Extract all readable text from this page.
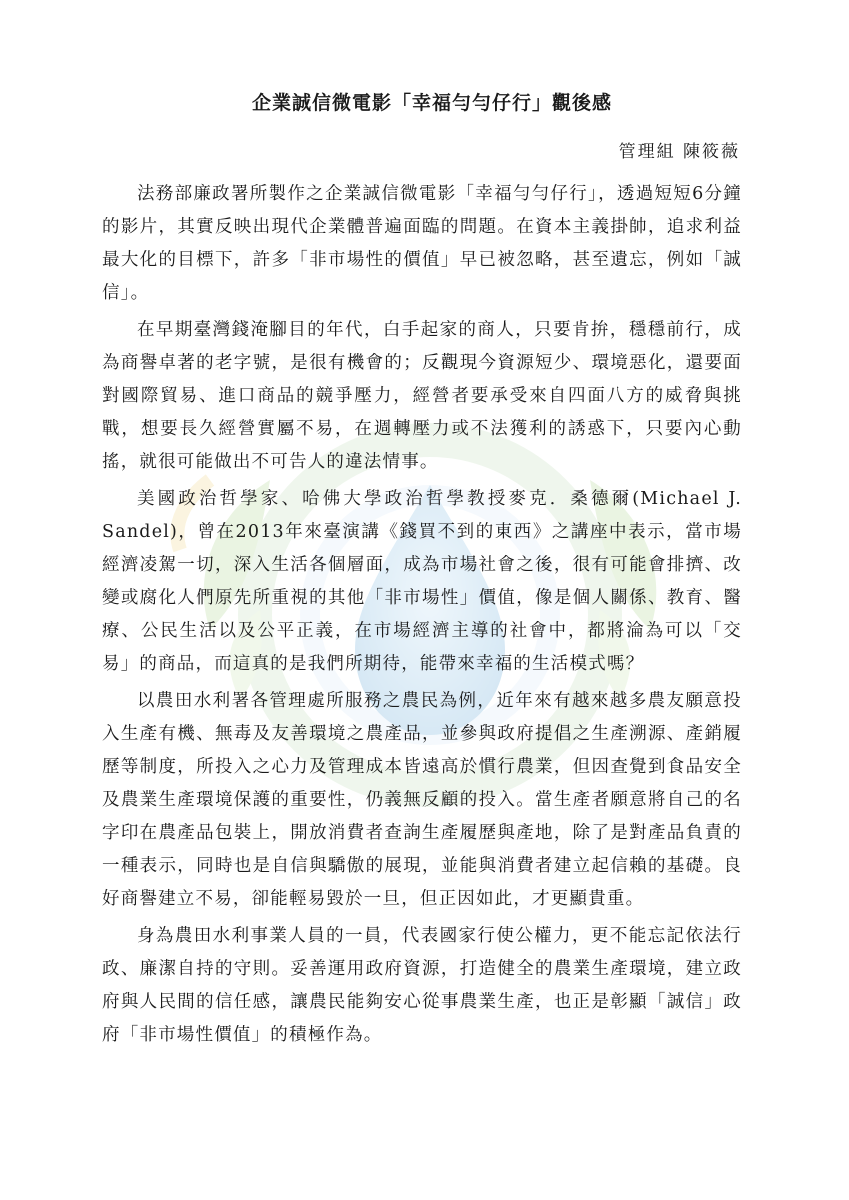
企業誠信微電影「幸福勻勻仔行」觀後感
管理組 陳筱薇

法務部廉政署所製作之企業誠信微電影「幸福勻勻仔行」，透過短短6分鐘的影片，其實反映出現代企業體普遍面臨的問題。在資本主義掛帥，追求利益最大化的目標下，許多「非市場性的價值」早已被忽略，甚至遺忘，例如「誠信」。

在早期臺灣錢淹腳目的年代，白手起家的商人，只要肯拚，穩穩前行，成為商譽卓著的老字號，是很有機會的；反觀現今資源短少、環境惡化，還要面對國際貿易、進口商品的競爭壓力，經營者要承受來自四面八方的威脅與挑戰，想要長久經營實屬不易，在週轉壓力或不法獲利的誘惑下，只要內心動搖，就很可能做出不可告人的違法情事。

美國政治哲學家、哈佛大學政治哲學教授麥克．桑德爾(Michael J. Sandel)，曾在2013年來臺演講《錢買不到的東西》之講座中表示，當市場經濟凌駕一切，深入生活各個層面，成為市場社會之後，很有可能會排擠、改變或腐化人們原先所重視的其他「非市場性」價值，像是個人關係、教育、醫療、公民生活以及公平正義，在市場經濟主導的社會中，都將淪為可以「交易」的商品，而這真的是我們所期待，能帶來幸福的生活模式嗎？

以農田水利署各管理處所服務之農民為例，近年來有越來越多農友願意投入生產有機、無毒及友善環境之農產品，並參與政府提倡之生產溯源、產銷履歷等制度，所投入之心力及管理成本皆遠高於慣行農業，但因查覺到食品安全及農業生產環境保護的重要性，仍義無反顧的投入。當生產者願意將自己的名字印在農產品包裝上，開放消費者查詢生產履歷與產地，除了是對產品負責的一種表示，同時也是自信與驕傲的展現，並能與消費者建立起信賴的基礎。良好商譽建立不易，卻能輕易毀於一旦，但正因如此，才更顯貴重。

身為農田水利事業人員的一員，代表國家行使公權力，更不能忘記依法行政、廉潔自持的守則。妥善運用政府資源，打造健全的農業生產環境，建立政府與人民間的信任感，讓農民能夠安心從事農業生產，也正是彰顯「誠信」政府「非市場性價值」的積極作為。
